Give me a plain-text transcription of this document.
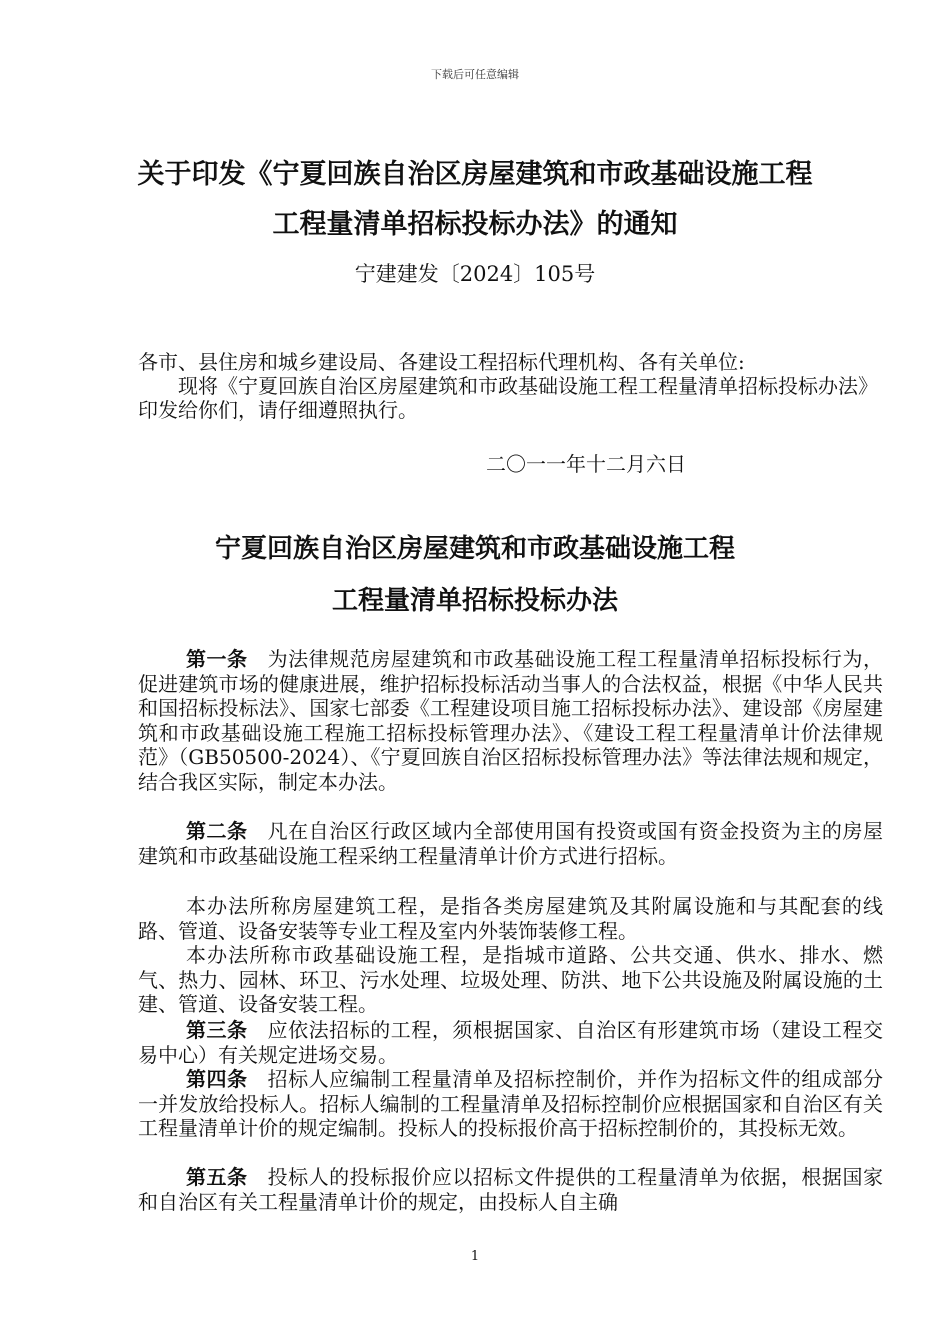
下载后可任意编辑
关于印发《宁夏回族自治区房屋建筑和市政基础设施工程
工程量清单招标投标办法》的通知
宁建建发〔2024〕105号

各市、县住房和城乡建设局、各建设工程招标代理机构、各有关单位:

现将《宁夏回族自治区房屋建筑和市政基础设施工程工程量清单招标投标办法》印发给你们，请仔细遵照执行。

二〇一一年十二月六日
宁夏回族自治区房屋建筑和市政基础设施工程
工程量清单招标投标办法

第一条 为法律规范房屋建筑和市政基础设施工程工程量清单招标投标行为，促进建筑市场的健康进展，维护招标投标活动当事人的合法权益，根据《中华人民共和国招标投标法》、国家七部委《工程建设项目施工招标投标办法》、建设部《房屋建筑和市政基础设施工程施工招标投标管理办法》、《建设工程工程量清单计价法律规范》（GB50500-2024）、《宁夏回族自治区招标投标管理办法》等法律法规和规定，结合我区实际，制定本办法。

第二条 凡在自治区行政区域内全部使用国有投资或国有资金投资为主的房屋建筑和市政基础设施工程采纳工程量清单计价方式进行招标。

本办法所称房屋建筑工程，是指各类房屋建筑及其附属设施和与其配套的线路、管道、设备安装等专业工程及室内外装饰装修工程。

本办法所称市政基础设施工程，是指城市道路、公共交通、供水、排水、燃气、热力、园林、环卫、污水处理、垃圾处理、防洪、地下公共设施及附属设施的土建、管道、设备安装工程。

第三条 应依法招标的工程，须根据国家、自治区有形建筑市场（建设工程交易中心）有关规定进场交易。

第四条 招标人应编制工程量清单及招标控制价，并作为招标文件的组成部分一并发放给投标人。招标人编制的工程量清单及招标控制价应根据国家和自治区有关工程量清单计价的规定编制。投标人的投标报价高于招标控制价的，其投标无效。

第五条 投标人的投标报价应以招标文件提供的工程量清单为依据，根据国家和自治区有关工程量清单计价的规定，由投标人自主确

1
